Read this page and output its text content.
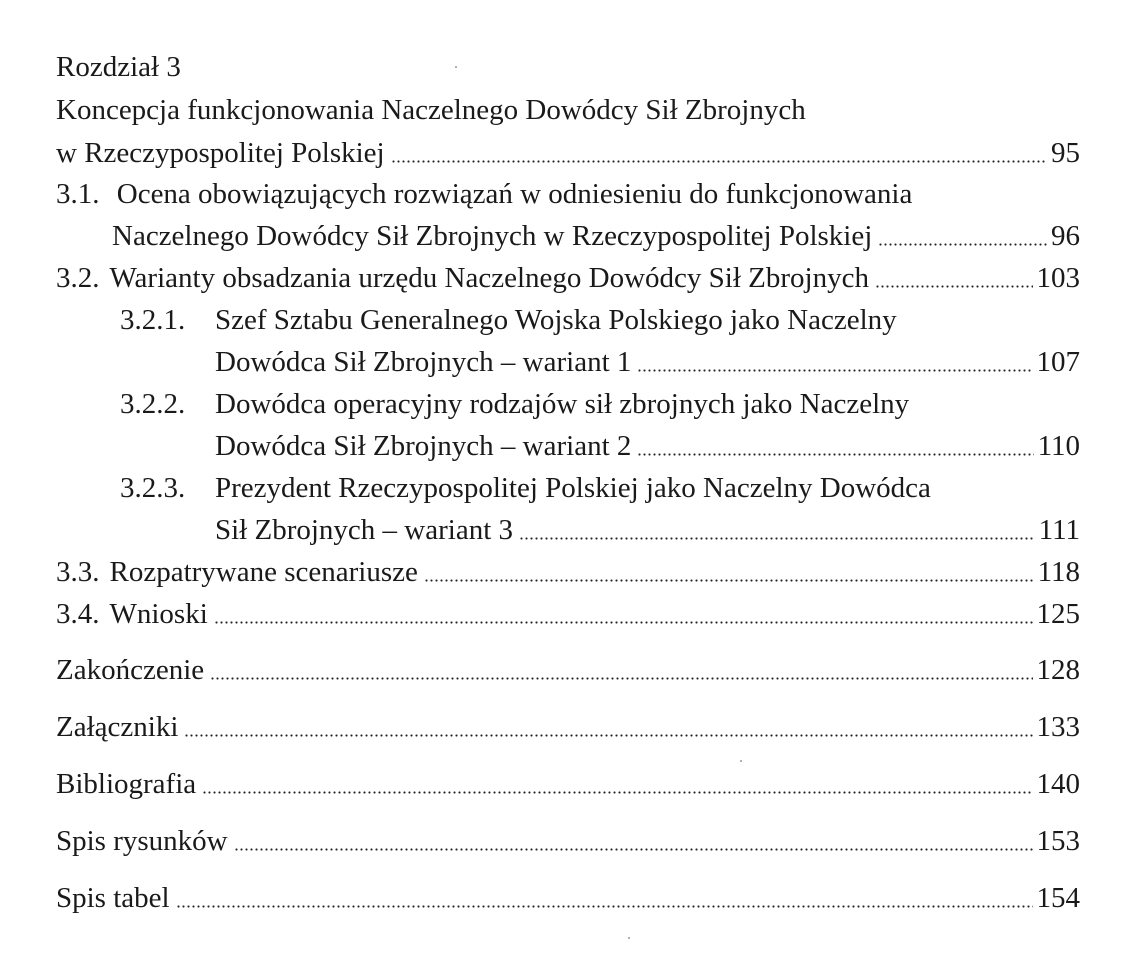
Rozdział 3
Koncepcja funkcjonowania Naczelnego Dowódcy Sił Zbrojnych
w Rzeczypospolitej Polskiej	95
3.1. Ocena obowiązujących rozwiązań w odniesieniu do funkcjonowania
Naczelnego Dowódcy Sił Zbrojnych w Rzeczypospolitej Polskiej	96
3.2. Warianty obsadzania urzędu Naczelnego Dowódcy Sił Zbrojnych	103
3.2.1. Szef Sztabu Generalnego Wojska Polskiego jako Naczelny
Dowódca Sił Zbrojnych – wariant 1	107
3.2.2. Dowódca operacyjny rodzajów sił zbrojnych jako Naczelny
Dowódca Sił Zbrojnych – wariant 2	110
3.2.3. Prezydent Rzeczypospolitej Polskiej jako Naczelny Dowódca
Sił Zbrojnych – wariant 3	111
3.3. Rozpatrywane scenariusze	118
3.4. Wnioski	125
Zakończenie	128
Załączniki	133
Bibliografia	140
Spis rysunków	153
Spis tabel	154
